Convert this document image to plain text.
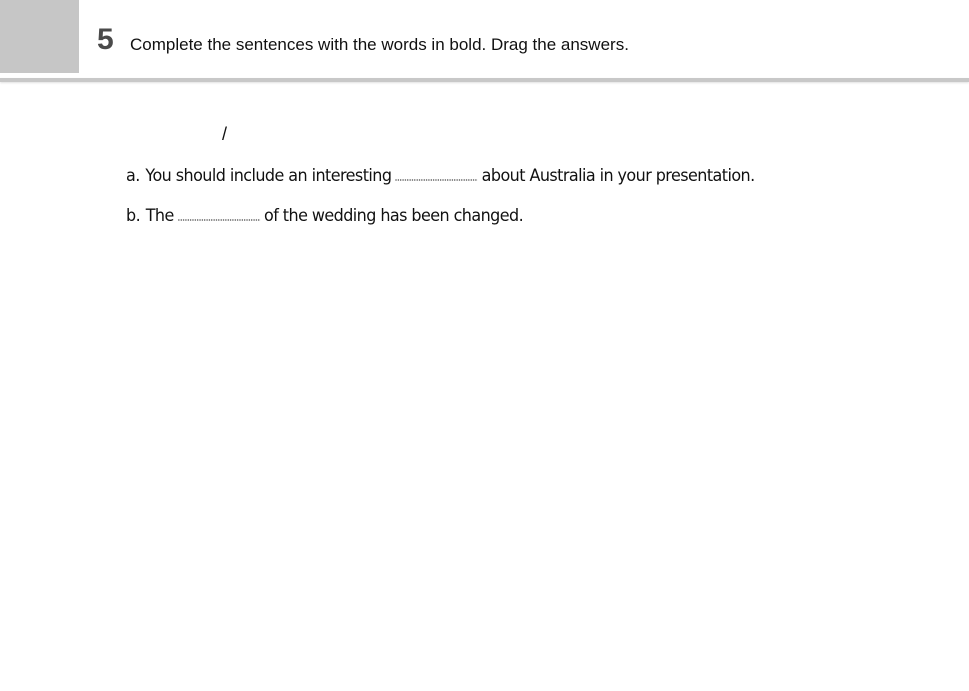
5 Complete the sentences with the words in bold. Drag the answers.
/
a. You should include an interesting	about Australia in your presentation.
b. The	of the wedding has been changed.
